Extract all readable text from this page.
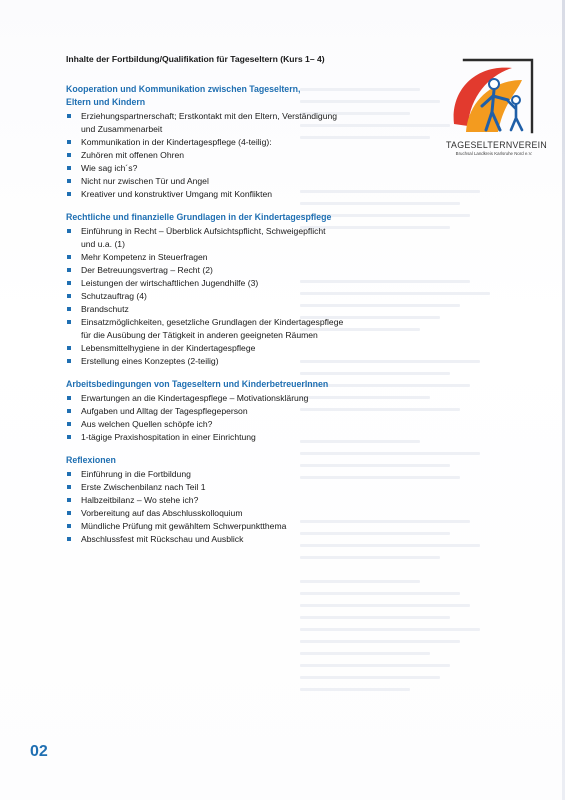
Inhalte der Fortbildung/Qualifikation für Tageseltern (Kurs 1– 4)
Kooperation und Kommunikation zwischen Tageseltern,
Eltern und Kindern
Erziehungspartnerschaft; Erstkontakt mit den Eltern, Verständigung
und Zusammenarbeit
Kommunikation in der Kindertagespflege (4-teilig):
Zuhören mit offenen Ohren
Wie sag ich´s?
Nicht nur zwischen Tür und Angel
Kreativer und konstruktiver Umgang mit Konflikten
Rechtliche und finanzielle Grundlagen in der Kindertagespflege
Einführung in Recht – Überblick Aufsichtspflicht, Schweigepflicht
und u.a. (1)
Mehr Kompetenz in Steuerfragen
Der Betreuungsvertrag – Recht (2)
Leistungen der wirtschaftlichen Jugendhilfe (3)
Schutzauftrag (4)
Brandschutz
Einsatzmöglichkeiten, gesetzliche Grundlagen der Kindertagespflege
für die Ausübung der Tätigkeit in anderen geeigneten Räumen
Lebensmittelhygiene in der Kindertagespflege
Erstellung eines Konzeptes (2-teilig)
Arbeitsbedingungen von Tageseltern und KinderbetreuerInnen
Erwartungen an die Kindertagespflege – Motivationsklärung
Aufgaben und Alltag der Tagespflegeperson
Aus welchen Quellen schöpfe ich?
1-tägige Praxishospitation in einer Einrichtung
Reflexionen
Einführung in die Fortbildung
Erste Zwischenbilanz nach Teil 1
Halbzeitbilanz – Wo stehe ich?
Vorbereitung auf das Abschlusskolloquium
Mündliche Prüfung mit gewähltem Schwerpunktthema
Abschlussfest mit Rückschau und Ausblick
TAGESELTERNVEREIN
Bruchsal Landkreis Karlsruhe Nord e.V.
02
